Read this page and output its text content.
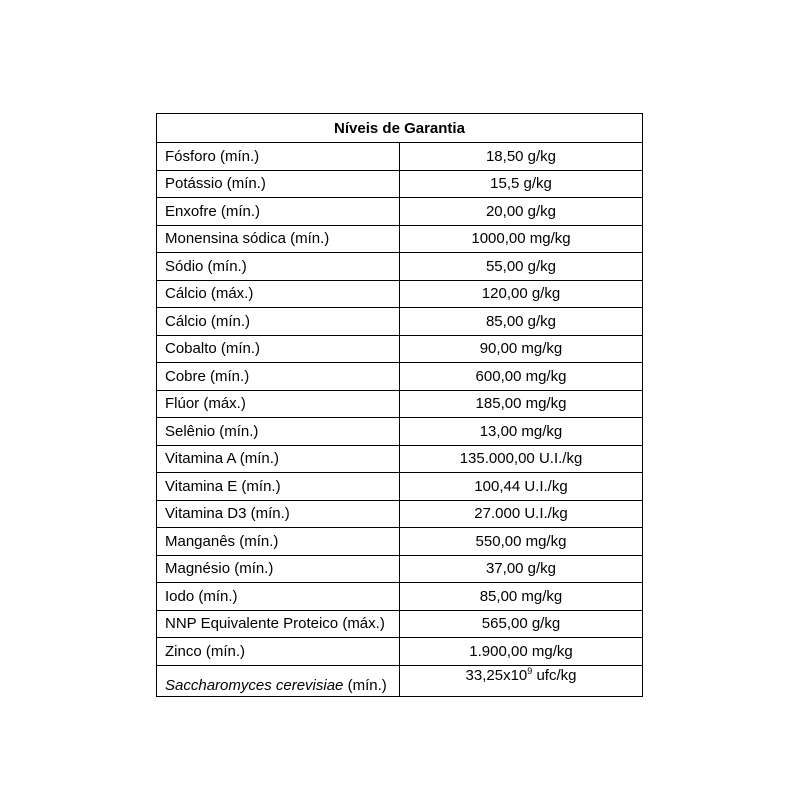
Níveis de Garantia	
Fósforo (mín.)	18,50 g/kg
Potássio (mín.)	15,5 g/kg
Enxofre (mín.)	20,00 g/kg
Monensina sódica (mín.)	1000,00 mg/kg
Sódio (mín.)	55,00 g/kg
Cálcio (máx.)	120,00 g/kg
Cálcio (mín.)	85,00 g/kg
Cobalto (mín.)	90,00 mg/kg
Cobre (mín.)	600,00 mg/kg
Flúor (máx.)	185,00 mg/kg
Selênio (mín.)	13,00 mg/kg
Vitamina A (mín.)	135.000,00 U.I./kg
Vitamina E (mín.)	100,44 U.I./kg
Vitamina D3 (mín.)	27.000 U.I./kg
Manganês (mín.)	550,00 mg/kg
Magnésio (mín.)	37,00 g/kg
Iodo (mín.)	85,00 mg/kg
NNP Equivalente Proteico (máx.)	565,00 g/kg
Zinco (mín.)	1.900,00 mg/kg
Saccharomyces cerevisiae (mín.)	$33,25x10^9$ ufc/kg
